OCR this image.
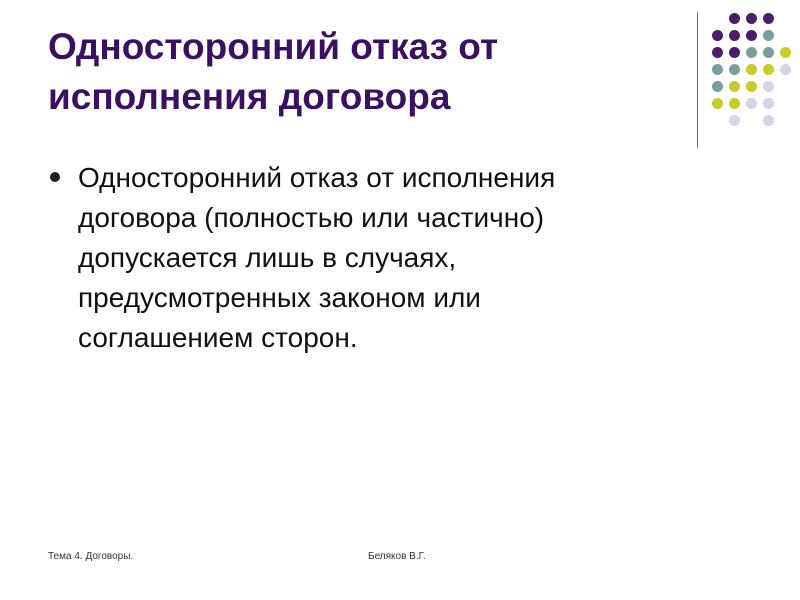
Односторонний отказ от исполнения договора
Односторонний отказ от исполнения договора (полностью или частично) допускается лишь в случаях, предусмотренных законом или соглашением сторон.
Тема 4. Договоры.	Беляков В.Г.
